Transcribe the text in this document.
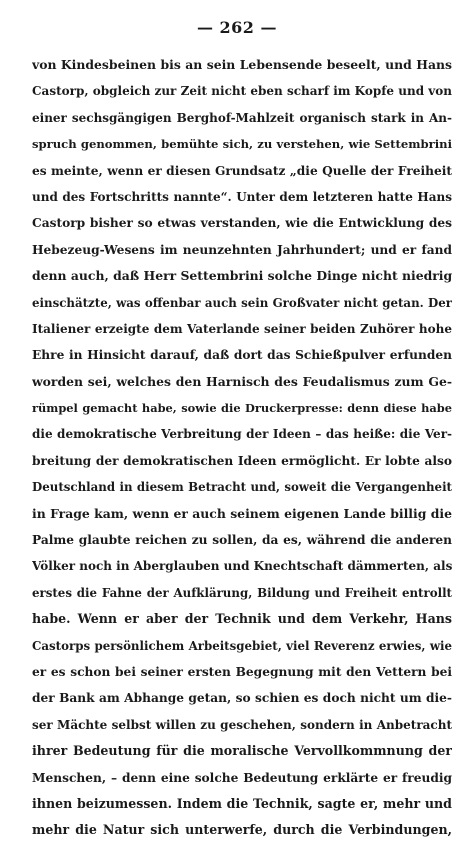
— 262 —
von Kindesbeinen bis an sein Lebensende beseelt, und Hans
Castorp, obgleich zur Zeit nicht eben scharf im Kopfe und von
einer sechsgängigen Berghof-Mahlzeit organisch stark in An-
spruch genommen, bemühte sich, zu verstehen, wie Settembrini
es meinte, wenn er diesen Grundsatz „die Quelle der Freiheit
und des Fortschritts nannte“. Unter dem letzteren hatte Hans
Castorp bisher so etwas verstanden, wie die Entwicklung des
Hebezeug-Wesens im neunzehnten Jahrhundert; und er fand
denn auch, daß Herr Settembrini solche Dinge nicht niedrig
einschätzte, was offenbar auch sein Großvater nicht getan. Der
Italiener erzeigte dem Vaterlande seiner beiden Zuhörer hohe
Ehre in Hinsicht darauf, daß dort das Schießpulver erfunden
worden sei, welches den Harnisch des Feudalismus zum Ge-
rümpel gemacht habe, sowie die Druckerpresse: denn diese habe
die demokratische Verbreitung der Ideen – das heiße: die Ver-
breitung der demokratischen Ideen ermöglicht. Er lobte also
Deutschland in diesem Betracht und, soweit die Vergangenheit
in Frage kam, wenn er auch seinem eigenen Lande billig die
Palme glaubte reichen zu sollen, da es, während die anderen
Völker noch in Aberglauben und Knechtschaft dämmerten, als
erstes die Fahne der Aufklärung, Bildung und Freiheit entrollt
habe. Wenn er aber der Technik und dem Verkehr, Hans
Castorps persönlichem Arbeitsgebiet, viel Reverenz erwies, wie
er es schon bei seiner ersten Begegnung mit den Vettern bei
der Bank am Abhange getan, so schien es doch nicht um die-
ser Mächte selbst willen zu geschehen, sondern in Anbetracht
ihrer Bedeutung für die moralische Vervollkommnung der
Menschen, – denn eine solche Bedeutung erklärte er freudig
ihnen beizumessen. Indem die Technik, sagte er, mehr und
mehr die Natur sich unterwerfe, durch die Verbindungen,
